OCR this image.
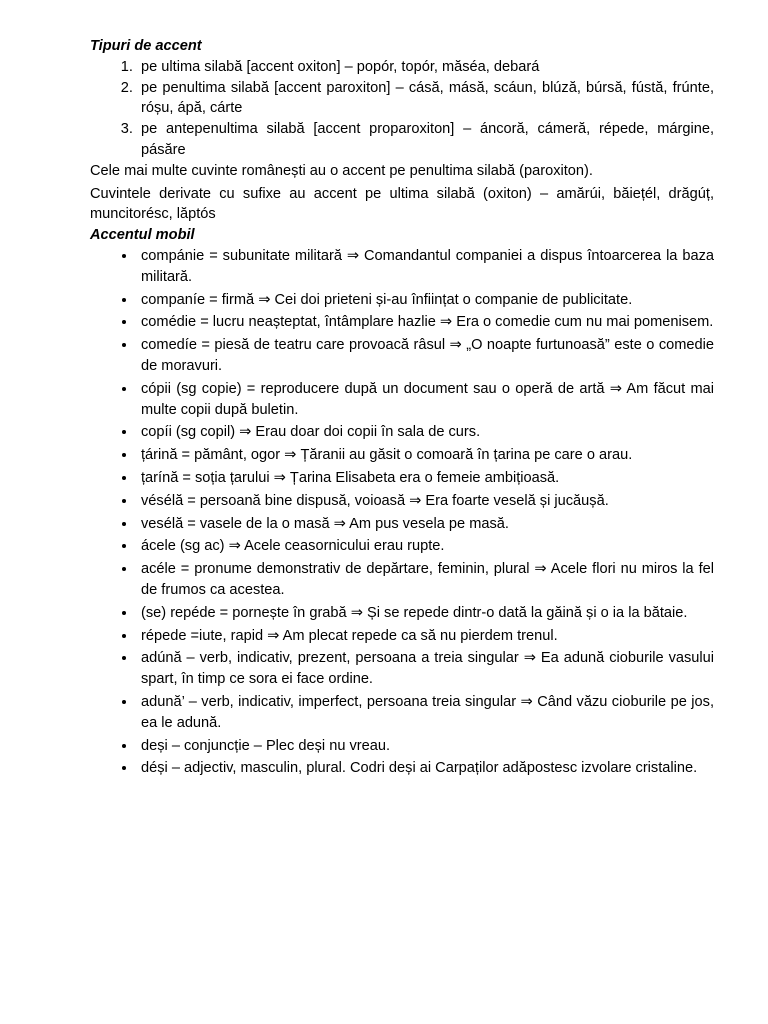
Tipuri de accent

1. pe ultima silabă [accent oxiton] – popór, topór, măséa, debará
2. pe penultima silabă [accent paroxiton] – cásă, másă, scáun, blúză, búrsă, fústă, frúnte, róșu, ápă, cárte
3. pe antepenultima silabă [accent proparoxiton] – áncoră, cámeră, répede, márgine, pásăre

Cele mai multe cuvinte românești au o accent pe penultima silabă (paroxiton).

Cuvintele derivate cu sufixe au accent pe ultima silabă (oxiton) – amărúi, băiețél, drăgúț, muncitorésc, lăptós

Accentul mobil

• compánie = subunitate militară ⇒ Comandantul companiei a dispus întoarcerea la baza militară.
• companíe = firmă ⇒ Cei doi prieteni și-au înființat o companie de publicitate.
• comédie = lucru neașteptat, întâmplare hazlie ⇒ Era o comedie cum nu mai pomenisem.
• comedíe = piesă de teatru care provoacă râsul ⇒ „O noapte furtunoasă” este o comedie de moravuri.
• cópii (sg copie) = reproducere după un document sau o operă de artă ⇒ Am făcut mai multe copii după buletin.
• copíi (sg copil) ⇒ Erau doar doi copii în sala de curs.
• țárină = pământ, ogor ⇒ Țăranii au găsit o comoară în țarina pe care o arau.
• țarínă = soția țarului ⇒ Țarina Elisabeta era o femeie ambițioasă.
• vésélă = persoană bine dispusă, voioasă ⇒ Era foarte veselă și jucăușă.
• vesélă = vasele de la o masă ⇒ Am pus vesela pe masă.
• ácele (sg ac) ⇒ Acele ceasornicului erau rupte.
• acéle = pronume demonstrativ de depărtare, feminin, plural ⇒ Acele flori nu miros la fel de frumos ca acestea.
• (se) repéde = pornește în grabă ⇒ Și se repede dintr-o dată la găină și o ia la bătaie.
• répede =iute, rapid ⇒ Am plecat repede ca să nu pierdem trenul.
• adúnă – verb, indicativ, prezent, persoana a treia singular ⇒ Ea adună cioburile vasului spart, în timp ce sora ei face ordine.
• adună’ – verb, indicativ, imperfect, persoana treia singular ⇒ Când văzu cioburile pe jos, ea le adună.
• deși – conjuncție – Plec deși nu vreau.
• déși – adjectiv, masculin, plural. Codri deși ai Carpaților adăpostesc izvolare cristaline.
